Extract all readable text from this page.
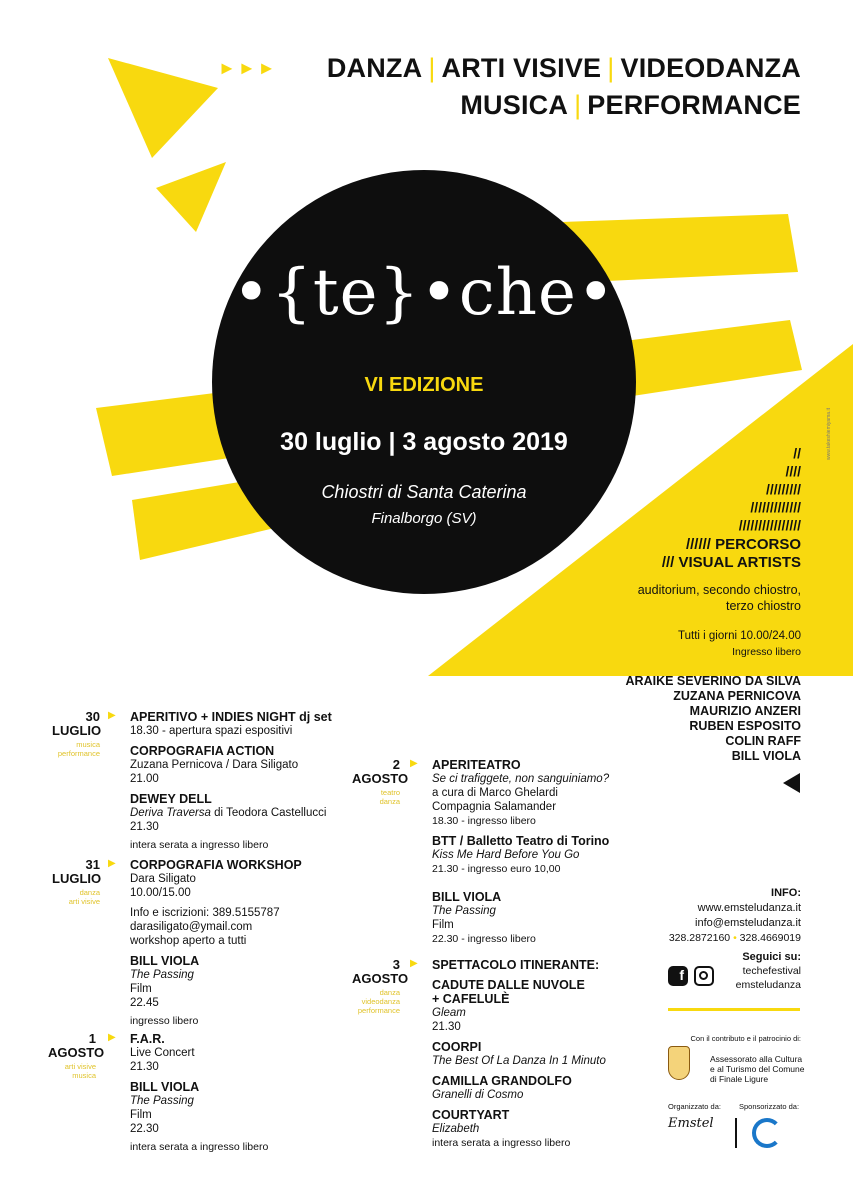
►►► DANZA | ARTI VISIVE | VIDEODANZA
MUSICA | PERFORMANCE
•{te}•che•
VI EDIZIONE
30 luglio | 3 agosto 2019
Chiostri di Santa Caterina
Finalborgo (SV)
www.takeshiemiyama.it
//
////
/////////
/////////////
////////////////
////// PERCORSO
/// VISUAL ARTISTS
auditorium, secondo chiostro,
terzo chiostro
Tutti i giorni 10.00/24.00
Ingresso libero
ARAIKE SEVERINO DA SILVA
ZUZANA PERNICOVA
MAURIZIO ANZERI
RUBEN ESPOSITO
COLIN RAFF
BILL VIOLA
30
LUGLIO
musica performance
▶ APERITIVO + INDIES NIGHT dj set
18.30 - apertura spazi espositivi
CORPOGRAFIA ACTION
Zuzana Pernicova / Dara Siligato
21.00
DEWEY DELL
Deriva Traversa di Teodora Castellucci
21.30
intera serata a ingresso libero
31
LUGLIO
danza
arti visive
▶ CORPOGRAFIA WORKSHOP
Dara Siligato
10.00/15.00
Info e iscrizioni: 389.5155787
darasiligato@ymail.com
workshop aperto a tutti
BILL VIOLA
The Passing
Film
22.45
ingresso libero
1
AGOSTO
arti visive
musica
▶ F.A.R.
Live Concert
21.30
BILL VIOLA
The Passing
Film
22.30
intera serata a ingresso libero
2
AGOSTO
teatro
danza
▶ APERITEATRO
Se ci trafiggete, non sanguiniamo?
a cura di Marco Ghelardi
Compagnia Salamander
18.30 - ingresso libero
BTT / Balletto Teatro di Torino
Kiss Me Hard Before You Go
21.30 - ingresso euro 10,00
BILL VIOLA
The Passing
Film
22.30 - ingresso libero
3
AGOSTO
danza
videodanza
performance
▶ SPETTACOLO ITINERANTE:
CADUTE DALLE NUVOLE
+ CAFELULÈ
Gleam
21.30
COORPI
The Best Of La Danza In 1 Minuto
CAMILLA GRANDOLFO
Granelli di Cosmo
COURTYART
Elizabeth
intera serata a ingresso libero
INFO:
www.emsteludanza.it
info@emsteludanza.it
328.2872160 • 328.4669019
Seguici su:
techefestival
emsteludanza
f
Con il contributo e il patrocinio di:
Assessorato alla Cultura
e al Turismo del Comune
di Finale Ligure
Organizzato da: Sponsorizzato da:
Emstel
